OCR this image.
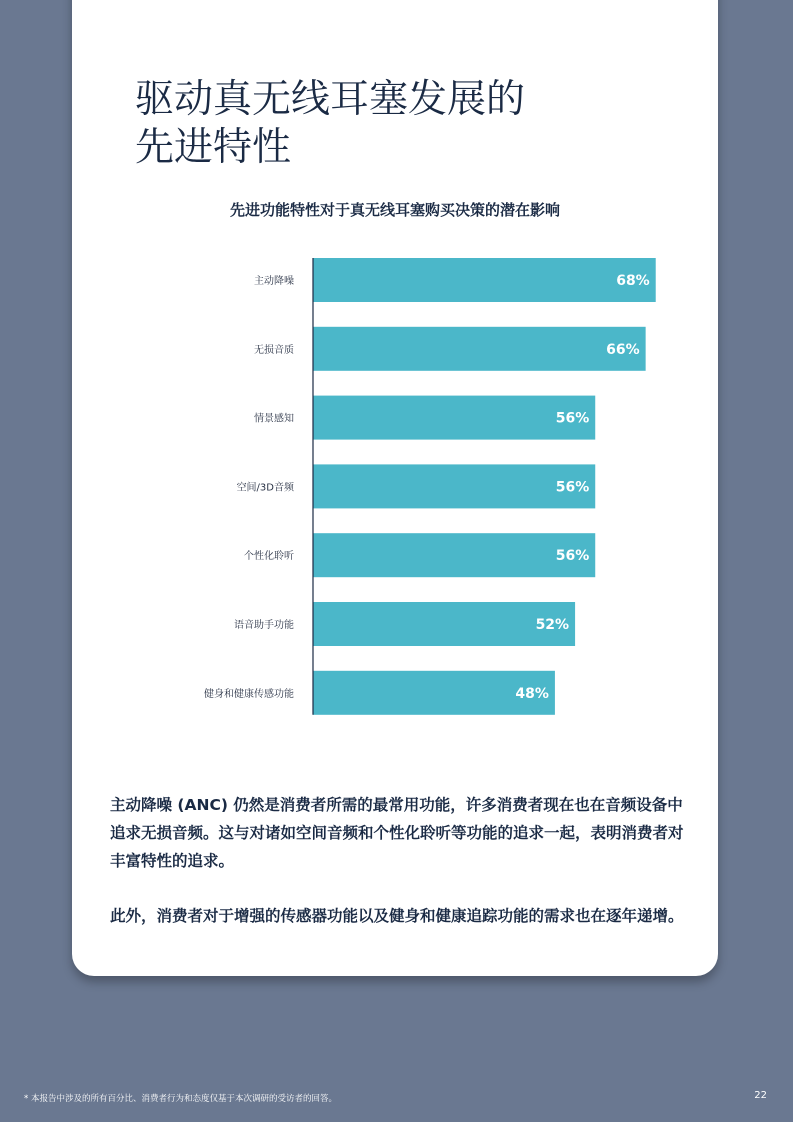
驱动真无线耳塞发展的
先进特性
先进功能特性对于真无线耳塞购买决策的潜在影响
主动降噪	68%
无损音质	66%
情景感知	56%
空间/3D音频	56%
个性化聆听	56%
语音助手功能	52%
健身和健康传感功能	48%

主动降噪 (ANC) 仍然是消费者所需的最常用功能，许多消费者现在也在音频设备中追求无损音频。这与对诸如空间音频和个性化聆听等功能的追求一起，表明消费者对丰富特性的追求。

此外，消费者对于增强的传感器功能以及健身和健康追踪功能的需求也在逐年递增。

* 本报告中涉及的所有百分比、消费者行为和态度仅基于本次调研的受访者的回答。	22
